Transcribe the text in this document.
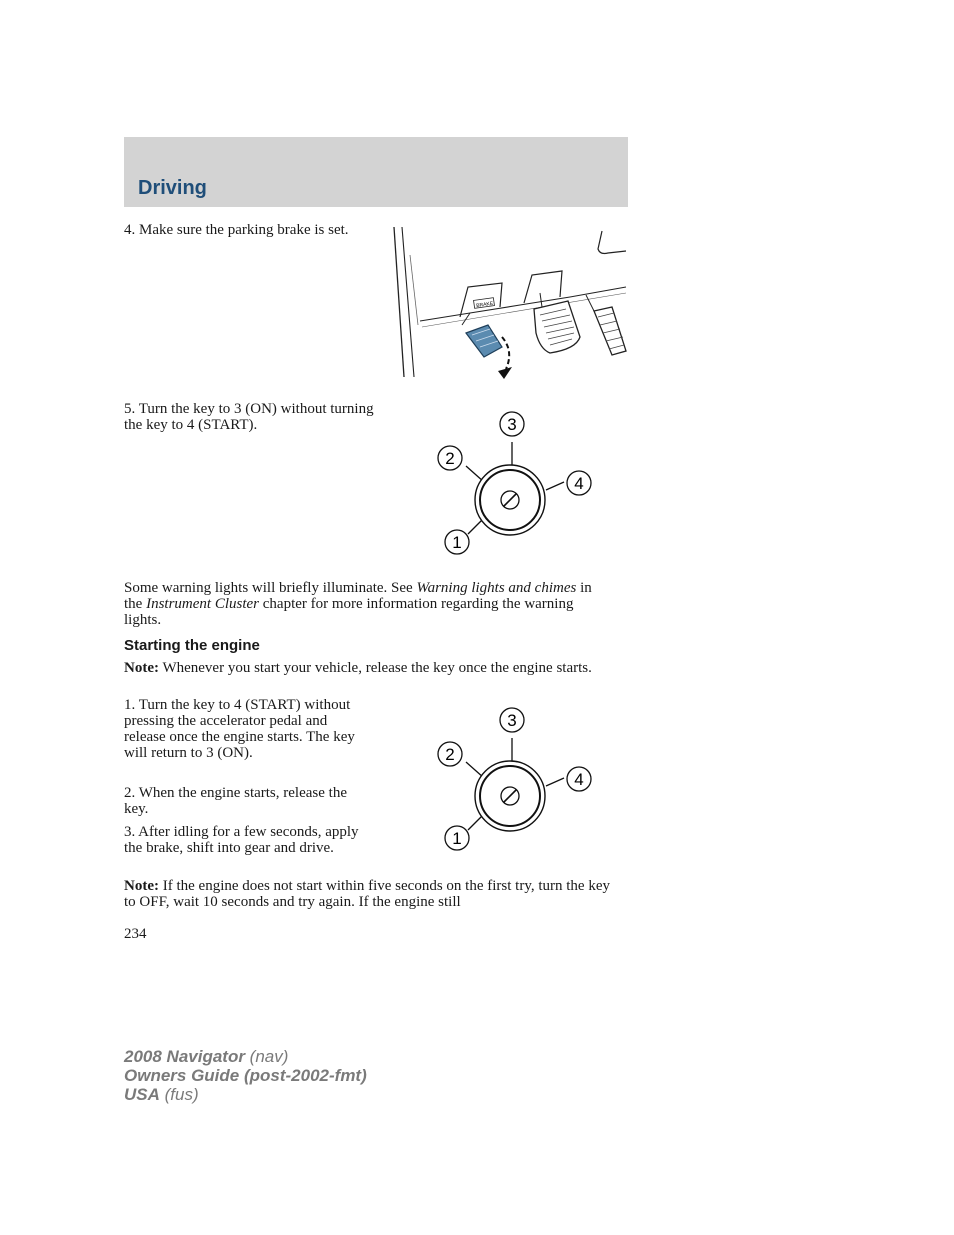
Driving

4. Make sure the parking brake is set.

BRAKE

5. Turn the key to 3 (ON) without turning the key to 4 (START).	3
2
4
1

Some warning lights will briefly illuminate. See Warning lights and chimes in the Instrument Cluster chapter for more information regarding the warning lights.

Starting the engine

Note: Whenever you start your vehicle, release the key once the engine starts.

1. Turn the key to 4 (START) without pressing the accelerator pedal and release once the engine starts. The key will return to 3 (ON).

2. When the engine starts, release the key.

3. After idling for a few seconds, apply the brake, shift into gear and drive.

3
2
4
1

Note: If the engine does not start within five seconds on the first try, turn the key to OFF, wait 10 seconds and try again. If the engine still

234

2008 Navigator (nav)
Owners Guide (post-2002-fmt)
USA (fus)
